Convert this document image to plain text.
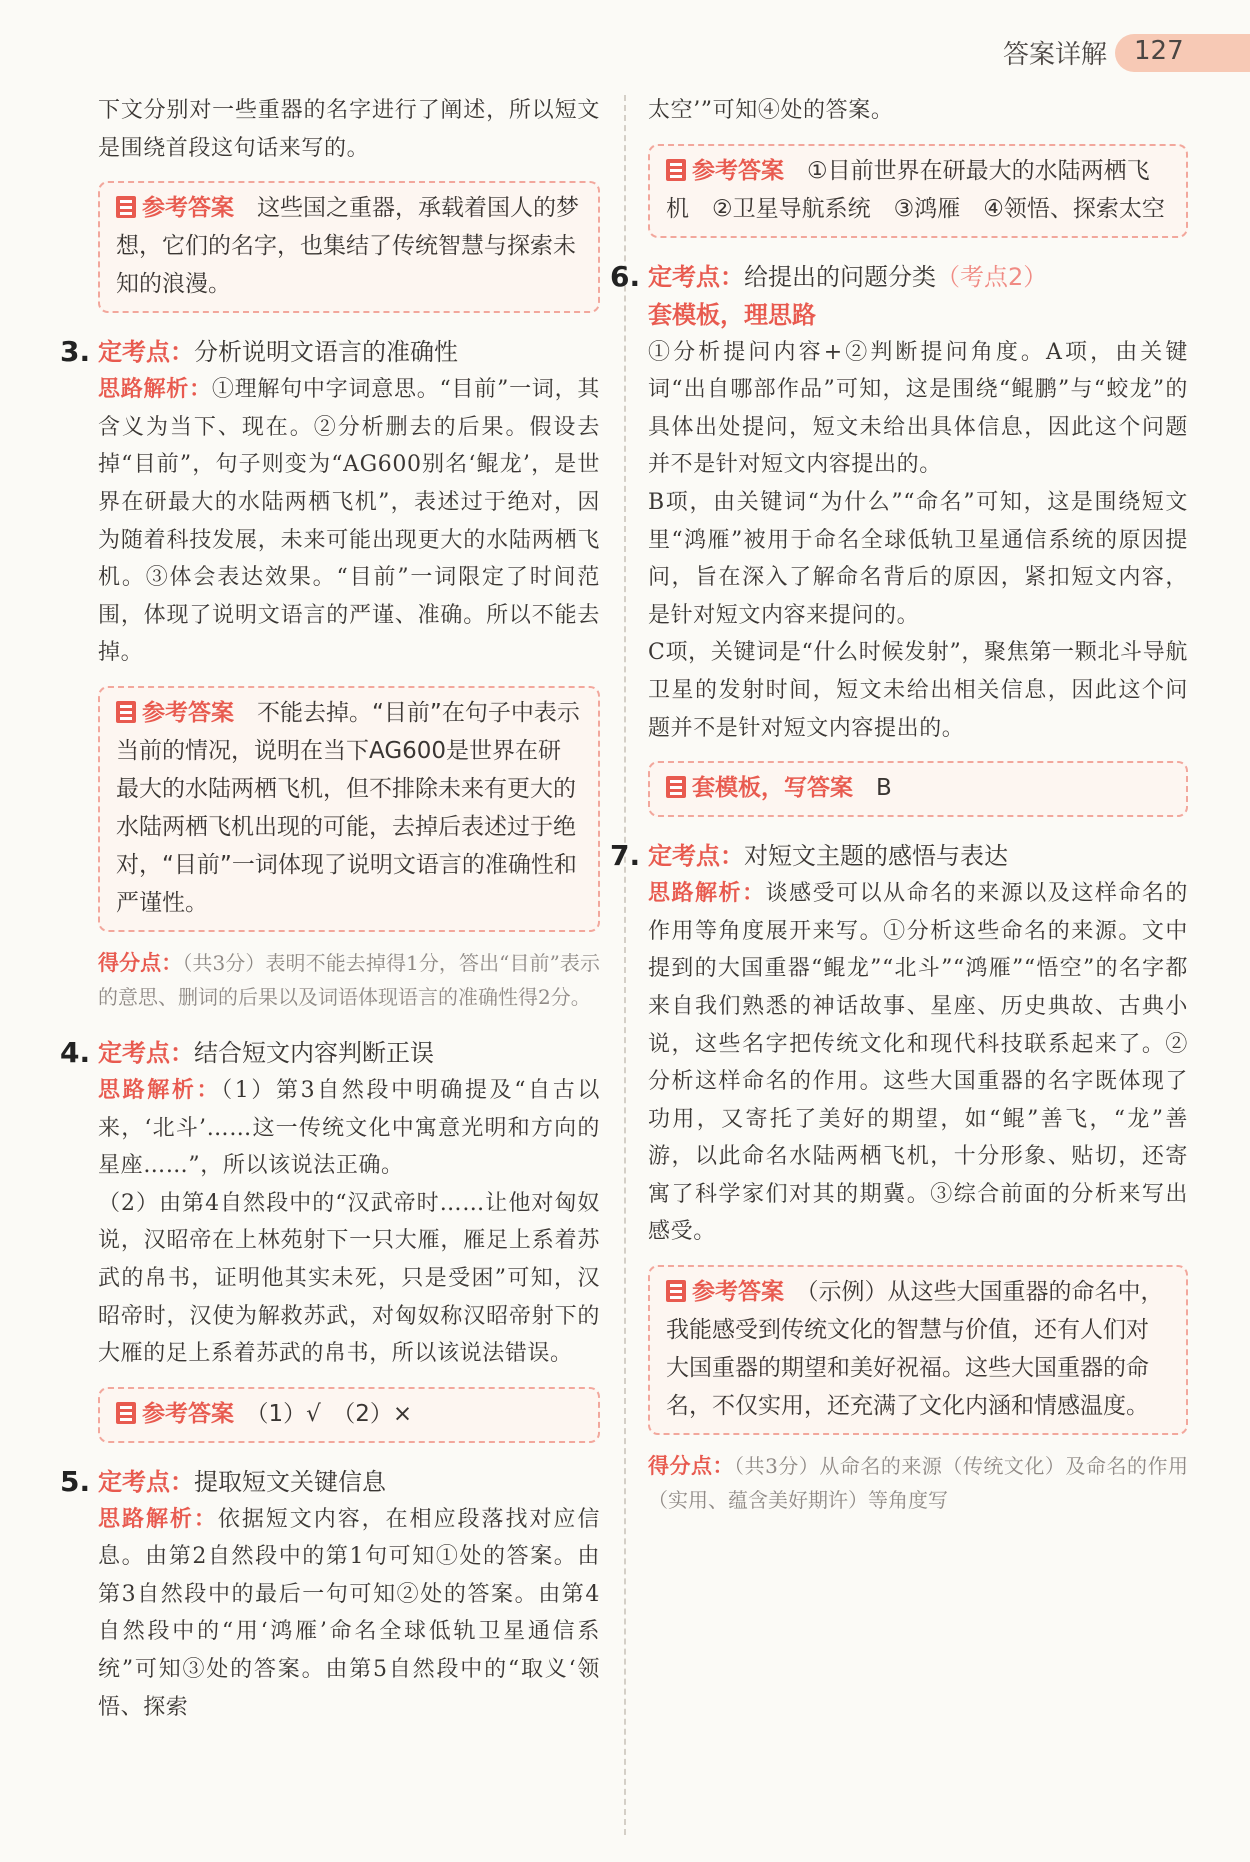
答案详解 127

下文分别对一些重器的名字进行了阐述，所以短文是围绕首段这句话来写的。

参考答案　 这些国之重器，承载着国人的梦想，它们的名字，也集结了传统智慧与探索未知的浪漫。
3. 定考点：分析说明文语言的准确性

思路解析：①理解句中字词意思。“目前”一词，其含义为当下、现在。②分析删去的后果。假设去掉“目前”，句子则变为“AG600别名‘鲲龙’，是世界在研最大的水陆两栖飞机”，表述过于绝对，因为随着科技发展，未来可能出现更大的水陆两栖飞机。③体会表达效果。“目前”一词限定了时间范围，体现了说明文语言的严谨、准确。所以不能去掉。

参考答案　 不能去掉。“目前”在句子中表示当前的情况，说明在当下AG600是世界在研最大的水陆两栖飞机，但不排除未来有更大的水陆两栖飞机出现的可能，去掉后表述过于绝对，“目前”一词体现了说明文语言的准确性和严谨性。

得分点：（共3分）表明不能去掉得1分，答出“目前”表示的意思、删词的后果以及词语体现语言的准确性得2分。

4. 定考点：结合短文内容判断正误

思路解析：（1）第3自然段中明确提及“自古以来，‘北斗’……这一传统文化中寓意光明和方向的星座……”，所以该说法正确。

（2）由第4自然段中的“汉武帝时……让他对匈奴说，汉昭帝在上林苑射下一只大雁，雁足上系着苏武的帛书，证明他其实未死，只是受困”可知，汉昭帝时，汉使为解救苏武，对匈奴称汉昭帝射下的大雁的足上系着苏武的帛书，所以该说法错误。

参考答案　 （1）√　（2）×
5. 定考点：提取短文关键信息

思路解析：依据短文内容，在相应段落找对应信息。由第2自然段中的第1句可知①处的答案。由第3自然段中的最后一句可知②处的答案。由第4自然段中的“用‘鸿雁’命名全球低轨卫星通信系统”可知③处的答案。由第5自然段中的“取义‘领悟、探索

太空’”可知④处的答案。

参考答案　 ①目前世界在研最大的水陆两栖飞机　②卫星导航系统　③鸿雁　④领悟、探索太空
6. 定考点：给提出的问题分类（考点2）
套模板，理思路

①分析提问内容+②判断提问角度。A项，由关键词“出自哪部作品”可知，这是围绕“鲲鹏”与“蛟龙”的具体出处提问，短文未给出具体信息，因此这个问题并不是针对短文内容提出的。

B项，由关键词“为什么”“命名”可知，这是围绕短文里“鸿雁”被用于命名全球低轨卫星通信系统的原因提问，旨在深入了解命名背后的原因，紧扣短文内容，是针对短文内容来提问的。

C项，关键词是“什么时候发射”，聚焦第一颗北斗导航卫星的发射时间，短文未给出相关信息，因此这个问题并不是针对短文内容提出的。

套模板，写答案　 B
7. 定考点：对短文主题的感悟与表达

思路解析：谈感受可以从命名的来源以及这样命名的作用等角度展开来写。①分析这些命名的来源。文中提到的大国重器“鲲龙”“北斗”“鸿雁”“悟空”的名字都来自我们熟悉的神话故事、星座、历史典故、古典小说，这些名字把传统文化和现代科技联系起来了。②分析这样命名的作用。这些大国重器的名字既体现了功用，又寄托了美好的期望，如“鲲”善飞，“龙”善游，以此命名水陆两栖飞机，十分形象、贴切，还寄寓了科学家们对其的期冀。③综合前面的分析来写出感受。

参考答案　 （示例）从这些大国重器的命名中，我能感受到传统文化的智慧与价值，还有人们对大国重器的期望和美好祝福。这些大国重器的命名，不仅实用，还充满了文化内涵和情感温度。

得分点：（共3分）从命名的来源（传统文化）及命名的作用（实用、蕴含美好期许）等角度写
